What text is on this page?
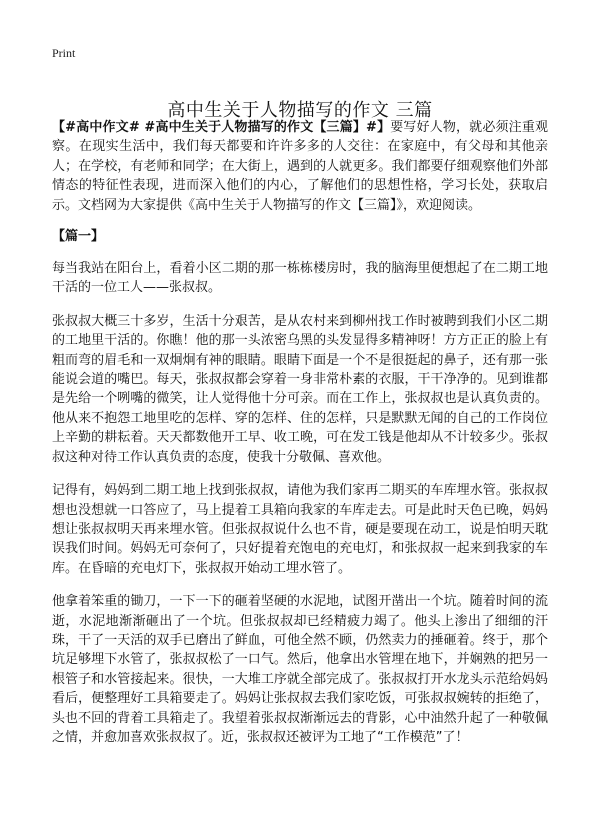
Print
高中生关于人物描写的作文 三篇

【#高中作文# #高中生关于人物描写的作文【三篇】#】要写好人物，就必须注重观察。在现实生活中，我们每天都要和许许多多的人交往：在家庭中，有父母和其他亲人；在学校，有老师和同学；在大街上，遇到的人就更多。我们都要仔细观察他们外部情态的特征性表现，进而深入他们的内心，了解他们的思想性格，学习长处，获取启示。文档网为大家提供《高中生关于人物描写的作文【三篇】》，欢迎阅读。

【篇一】

每当我站在阳台上，看着小区二期的那一栋栋楼房时，我的脑海里便想起了在二期工地干活的一位工人——张叔叔。

张叔叔大概三十多岁，生活十分艰苦，是从农村来到柳州找工作时被聘到我们小区二期的工地里干活的。你瞧！他的那一头浓密乌黑的头发显得多精神呀！方方正正的脸上有粗而弯的眉毛和一双炯炯有神的眼睛。眼睛下面是一个不是很挺起的鼻子，还有那一张能说会道的嘴巴。每天，张叔叔都会穿着一身非常朴素的衣服，干干净净的。见到谁都是先给一个咧嘴的微笑，让人觉得他十分可亲。而在工作上，张叔叔也是认真负责的。他从来不抱怨工地里吃的怎样、穿的怎样、住的怎样，只是默默无闻的自己的工作岗位上辛勤的耕耘着。天天都数他开工早、收工晚，可在发工钱是他却从不计较多少。张叔叔这种对待工作认真负责的态度，使我十分敬佩、喜欢他。

记得有，妈妈到二期工地上找到张叔叔，请他为我们家再二期买的车库埋水管。张叔叔想也没想就一口答应了，马上提着工具箱向我家的车库走去。可是此时天色已晚，妈妈想让张叔叔明天再来埋水管。但张叔叔说什么也不肯，硬是要现在动工，说是怕明天耽误我们时间。妈妈无可奈何了，只好提着充饱电的充电灯，和张叔叔一起来到我家的车库。在昏暗的充电灯下，张叔叔开始动工埋水管了。

他拿着笨重的锄刀，一下一下的砸着坚硬的水泥地，试图开凿出一个坑。随着时间的流逝，水泥地渐渐砸出了一个坑。但张叔叔却已经精疲力竭了。他头上渗出了细细的汗珠，干了一天活的双手已磨出了鲜血，可他全然不顾，仍然卖力的捶砸着。终于，那个坑足够埋下水管了，张叔叔松了一口气。然后，他拿出水管埋在地下，并娴熟的把另一根管子和水管接起来。很快，一大堆工序就全部完成了。张叔叔打开水龙头示范给妈妈看后，便整理好工具箱要走了。妈妈让张叔叔去我们家吃饭，可张叔叔婉转的拒绝了，头也不回的背着工具箱走了。我望着张叔叔渐渐远去的背影，心中油然升起了一种敬佩之情，并愈加喜欢张叔叔了。近，张叔叔还被评为工地了“工作模范”了！
